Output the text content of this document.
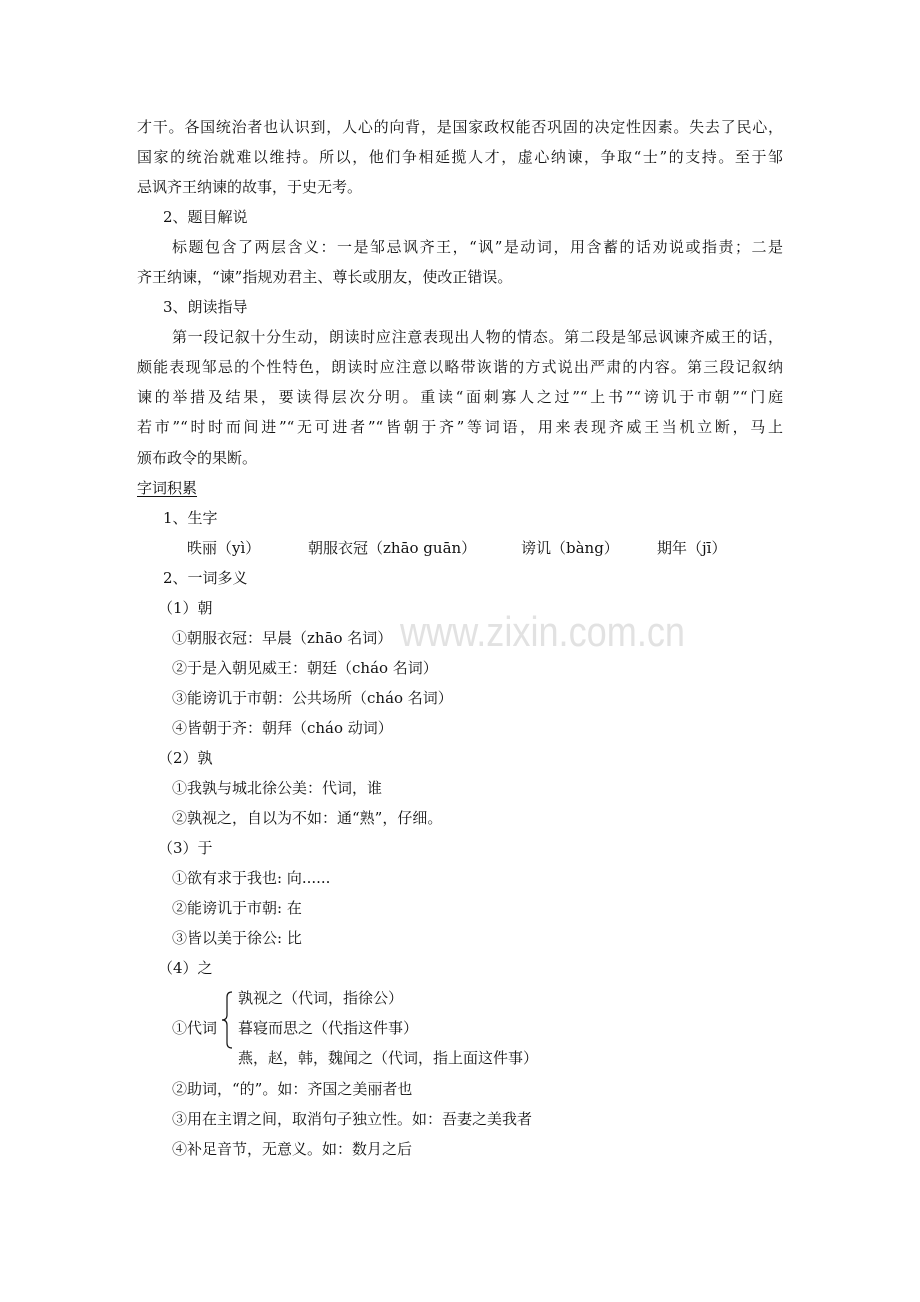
www.zixin.com.cn
才干。各国统治者也认识到，人心的向背，是国家政权能否巩固的决定性因素。失去了民心，
国家的统治就难以维持。所以，他们争相延揽人才，虚心纳谏，争取“士”的支持。至于邹
忌讽齐王纳谏的故事，于史无考。
2、题目解说
标题包含了两层含义：一是邹忌讽齐王，“讽”是动词，用含蓄的话劝说或指责；二是
齐王纳谏，“谏”指规劝君主、尊长或朋友，使改正错误。
3、朗读指导
第一段记叙十分生动，朗读时应注意表现出人物的情态。第二段是邹忌讽谏齐威王的话，
颇能表现邹忌的个性特色，朗读时应注意以略带诙谐的方式说出严肃的内容。第三段记叙纳
谏的举措及结果，要读得层次分明。重读“面刺寡人之过”“上书”“谤讥于市朝”“门庭
若市”“时时而间进”“无可进者”“皆朝于齐”等词语，用来表现齐威王当机立断，马上
颁布政令的果断。
字词积累
1、生字
昳丽（yì）	朝服衣冠（zhāo guān）	谤讥（bàng）	期年（jī）
2、一词多义
（1）朝
①朝服衣冠：早晨（zhāo 名词）
②于是入朝见威王：朝廷（cháo 名词）
③能谤讥于市朝：公共场所（cháo 名词）
④皆朝于齐：朝拜（cháo 动词）
（2）孰
①我孰与城北徐公美：代词，谁
②孰视之，自以为不如：通“熟”，仔细。
（3）于
①欲有求于我也: 向......
②能谤讥于市朝: 在
③皆以美于徐公: 比
（4）之
①代词
孰视之（代词，指徐公）
暮寝而思之（代指这件事）
燕，赵，韩，魏闻之（代词，指上面这件事）
②助词，“的”。如：齐国之美丽者也
③用在主谓之间，取消句子独立性。如：吾妻之美我者
④补足音节，无意义。如：数月之后
